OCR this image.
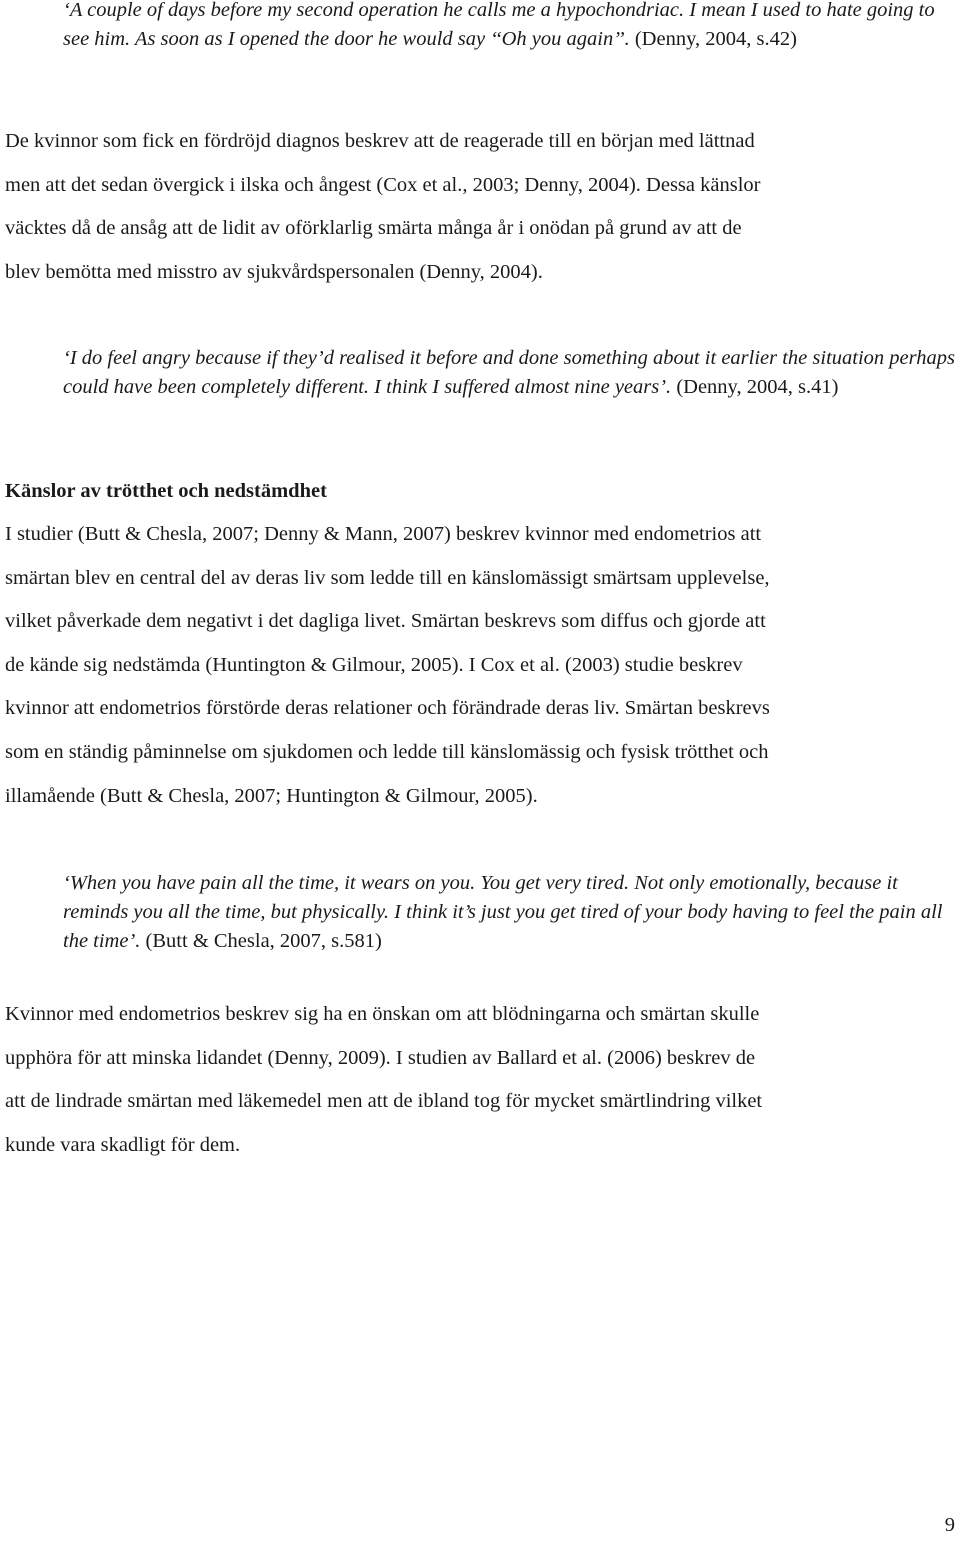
‘A couple of days before my second operation he calls me a hypochondriac. I mean I used to hate going to see him. As soon as I opened the door he would say ‘‘Oh you again’’. (Denny, 2004, s.42)

De kvinnor som fick en fördröjd diagnos beskrev att de reagerade till en början med lättnad
men att det sedan övergick i ilska och ångest (Cox et al., 2003; Denny, 2004). Dessa känslor
väcktes då de ansåg att de lidit av oförklarlig smärta många år i onödan på grund av att de
blev bemötta med misstro av sjukvårdspersonalen (Denny, 2004).

‘I do feel angry because if they’d realised it before and done something about it earlier the situation perhaps could have been completely different. I think I suffered almost nine years’. (Denny, 2004, s.41)

Känslor av trötthet och nedstämdhet

I studier (Butt & Chesla, 2007; Denny & Mann, 2007) beskrev kvinnor med endometrios att
smärtan blev en central del av deras liv som ledde till en känslomässigt smärtsam upplevelse,
vilket påverkade dem negativt i det dagliga livet. Smärtan beskrevs som diffus och gjorde att
de kände sig nedstämda (Huntington & Gilmour, 2005). I Cox et al. (2003) studie beskrev
kvinnor att endometrios förstörde deras relationer och förändrade deras liv. Smärtan beskrevs
som en ständig påminnelse om sjukdomen och ledde till känslomässig och fysisk trötthet och
illamående (Butt & Chesla, 2007; Huntington & Gilmour, 2005).

‘When you have pain all the time, it wears on you. You get very tired. Not only emotionally, because it reminds you all the time, but physically. I think it’s just you get tired of your body having to feel the pain all the time’. (Butt & Chesla, 2007, s.581)

Kvinnor med endometrios beskrev sig ha en önskan om att blödningarna och smärtan skulle
upphöra för att minska lidandet (Denny, 2009). I studien av Ballard et al. (2006) beskrev de
att de lindrade smärtan med läkemedel men att de ibland tog för mycket smärtlindring vilket
kunde vara skadligt för dem.

9
